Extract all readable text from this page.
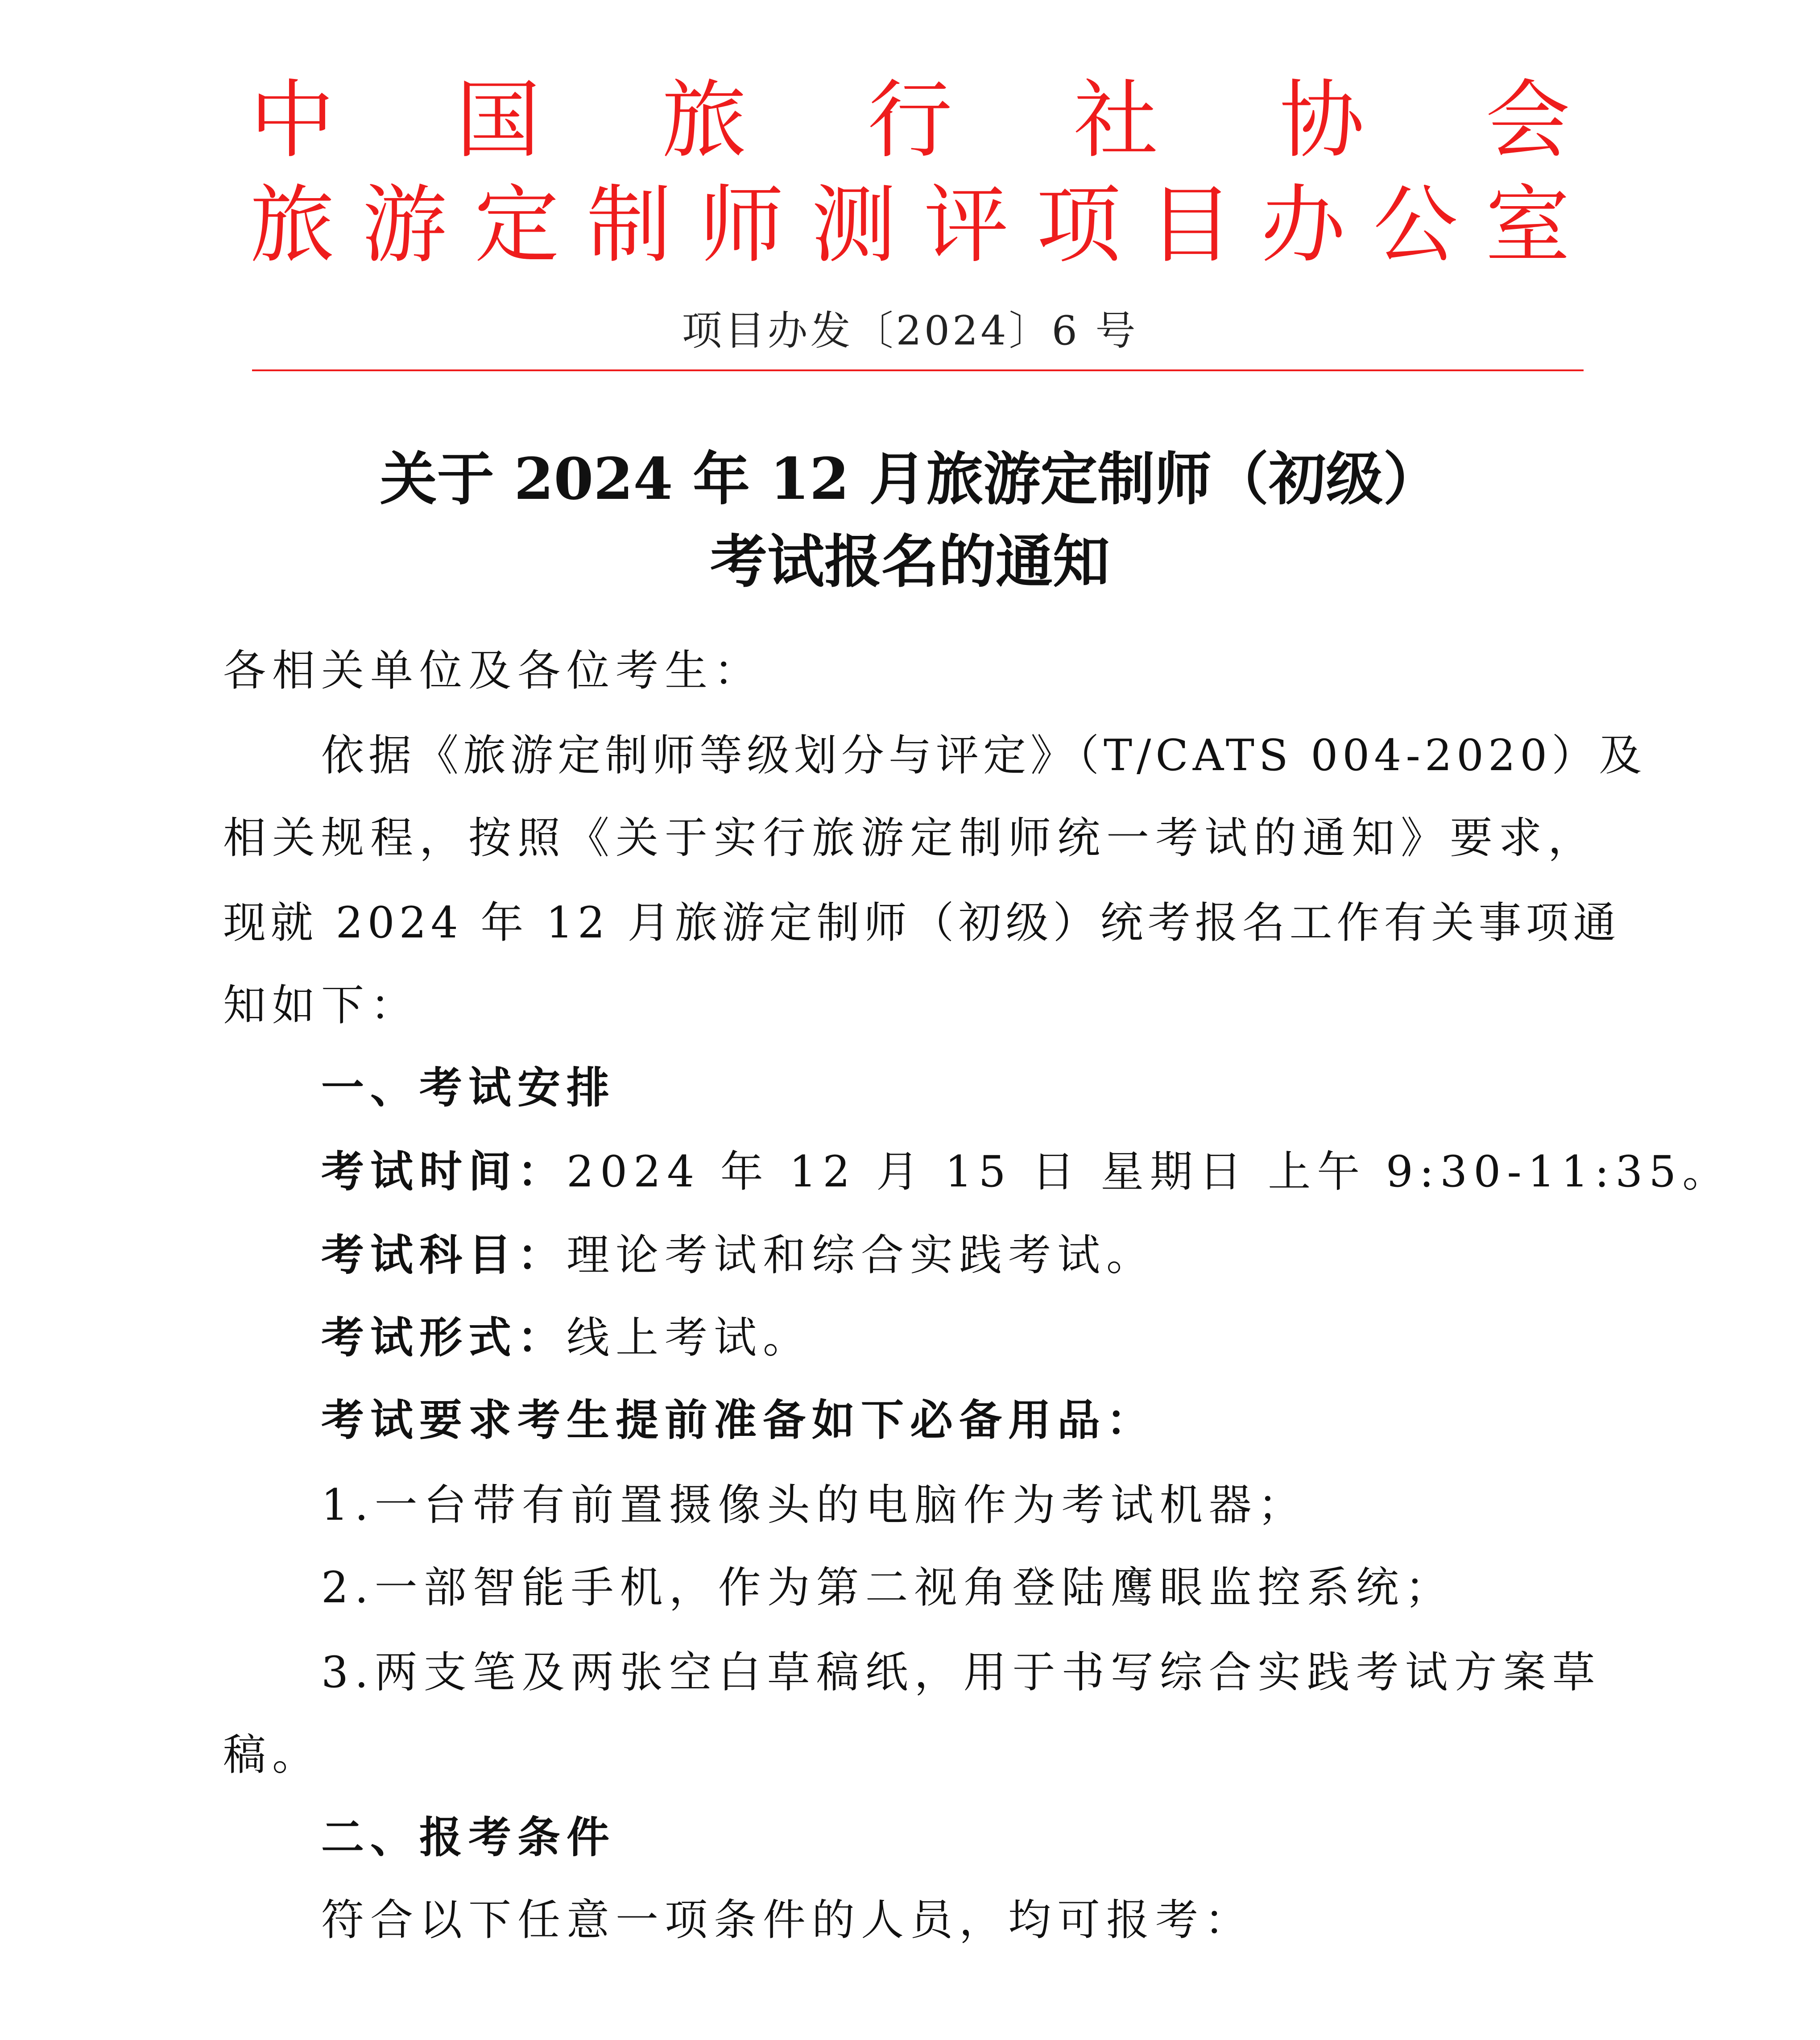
中 国 旅 行 社 协 会
旅 游 定 制 师 测 评 项 目 办 公 室
项目办发〔2024〕6 号
关于 2024 年 12 月旅游定制师（初级）
考试报名的通知
各相关单位及各位考生：
依据《旅游定制师等级划分与评定》（T/CATS 004-2020）及
相关规程，按照《关于实行旅游定制师统一考试的通知》要求，
现就 2024 年 12 月旅游定制师（初级）统考报名工作有关事项通
知如下：
一、考试安排
考试时间：2024 年 12 月 15 日 星期日 上午 9:30-11:35。
考试科目：理论考试和综合实践考试。
考试形式：线上考试。
考试要求考生提前准备如下必备用品：
1.一台带有前置摄像头的电脑作为考试机器；
2.一部智能手机，作为第二视角登陆鹰眼监控系统；
3.两支笔及两张空白草稿纸，用于书写综合实践考试方案草
稿。
二、报考条件
符合以下任意一项条件的人员，均可报考：
